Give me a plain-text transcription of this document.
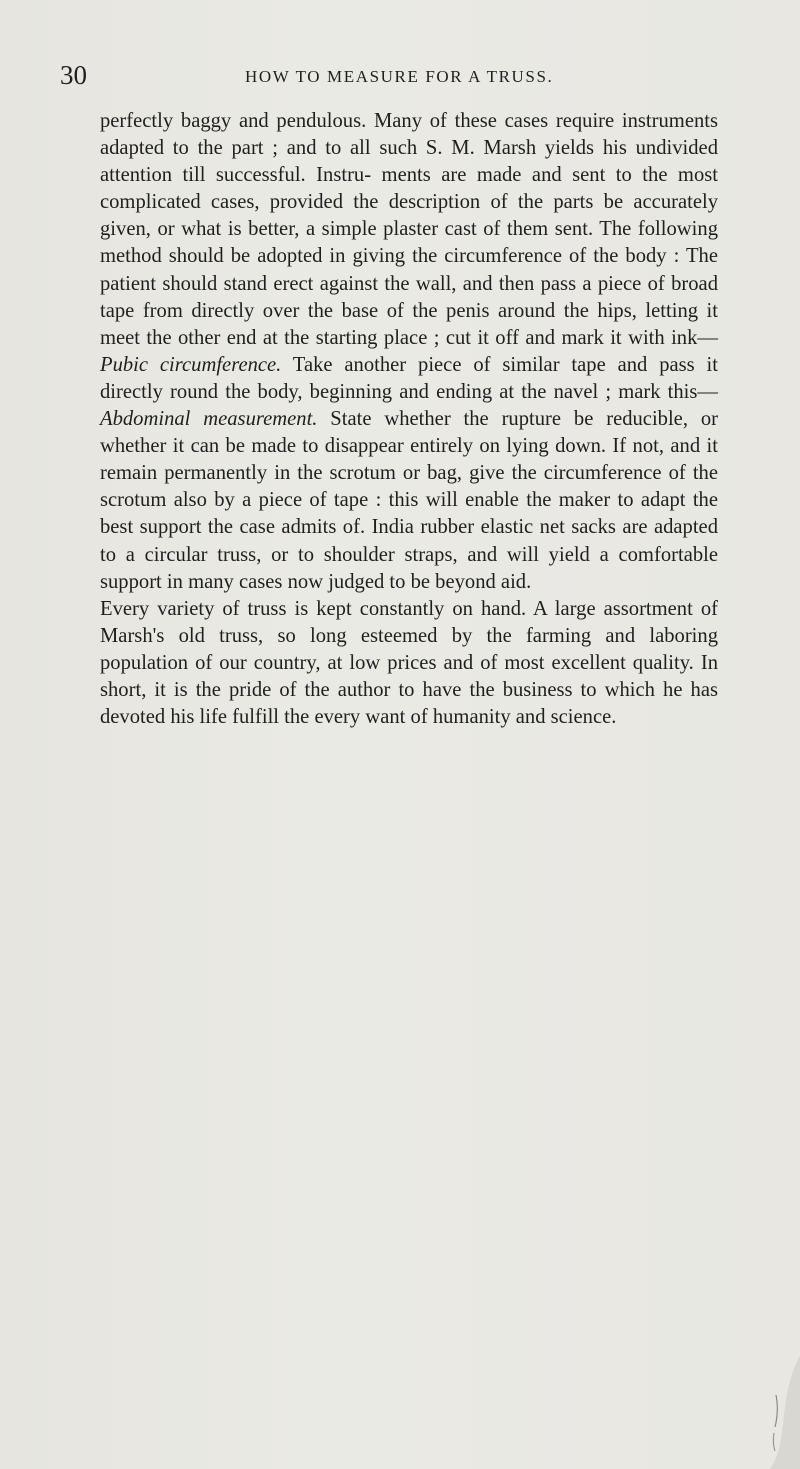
30	HOW TO MEASURE FOR A TRUSS.

perfectly baggy and pendulous. Many of these cases require instruments adapted to the part ; and to all such S. M. Marsh yields his undivided attention till successful. Instru- ments are made and sent to the most complicated cases, provided the description of the parts be accurately given, or what is better, a simple plaster cast of them sent. The following method should be adopted in giving the circumference of the body : The patient should stand erect against the wall, and then pass a piece of broad tape from directly over the base of the penis around the hips, letting it meet the other end at the starting place ; cut it off and mark it with ink—Pubic circumference. Take another piece of similar tape and pass it directly round the body, beginning and ending at the navel ; mark this—Abdominal measurement. State whether the rupture be reducible, or whether it can be made to disappear entirely on lying down. If not, and it remain permanently in the scrotum or bag, give the circumference of the scrotum also by a piece of tape : this will enable the maker to adapt the best support the case admits of. India rubber elastic net sacks are adapted to a circular truss, or to shoulder straps, and will yield a comfortable support in many cases now judged to be beyond aid.

Every variety of truss is kept constantly on hand. A large assortment of Marsh's old truss, so long esteemed by the farming and laboring population of our country, at low prices and of most excellent quality. In short, it is the pride of the author to have the business to which he has devoted his life fulfill the every want of humanity and science.
